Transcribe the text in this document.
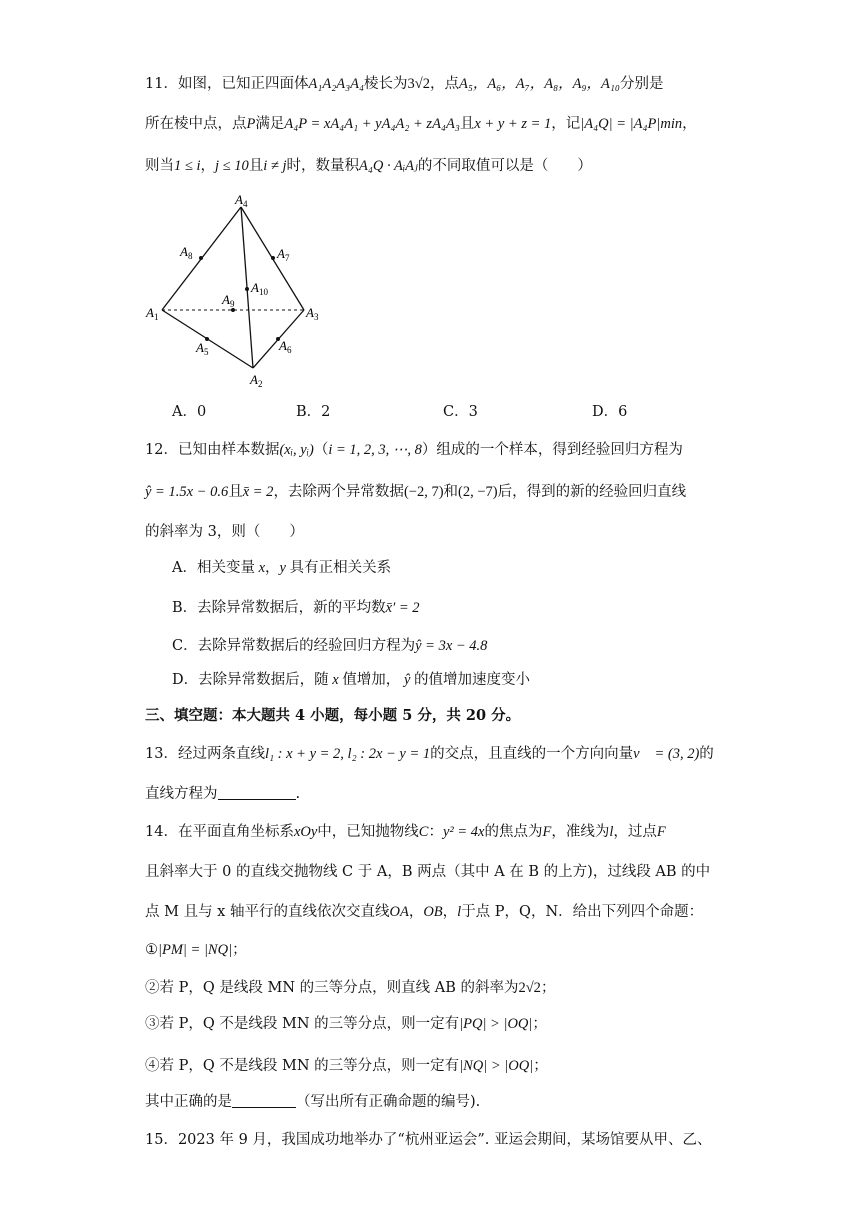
11．如图，已知正四面体A₁A₂A₃A₄棱长为3√2，点A₅，A₆，A₇，A₈，A₉，A₁₀分别是
所在棱中点，点P满足A₄P = xA₄A₁ + yA₄A₂ + zA₄A₃且x + y + z = 1，记|A₄Q| = |A₄P|min，
则当1 ≤ i，j ≤ 10且i ≠ j时，数量积A₄Q · AᵢAⱼ的不同取值可以是（　　）
$A_4$
$A_8$	$A_7$
$A_{10}$
$A_9$
$A_1$	$A_3$
$A_5$	$A_6$
$A_2$
A．0	B．2	C．3	D．6
12．已知由样本数据(xᵢ, yᵢ)（i = 1, 2, 3, ⋯, 8）组成的一个样本，得到经验回归方程为
ŷ = 1.5x − 0.6且x̄ = 2，去除两个异常数据(−2, 7)和(2, −7)后，得到的新的经验回归直线
的斜率为 3，则（　　）
A．相关变量 x，y 具有正相关关系
B．去除异常数据后，新的平均数x̄′ = 2
C．去除异常数据后的经验回归方程为ŷ = 3x − 4.8
D．去除异常数据后，随 x 值增加， ŷ 的值增加速度变小
三、填空题：本大题共 4 小题，每小题 5 分，共 20 分。
13．经过两条直线l₁ : x + y = 2, l₂ : 2x − y = 1的交点，且直线的一个方向向量v⃗ = (3, 2)的
直线方程为	.
14．在平面直角坐标系xOy中，已知抛物线C：y² = 4x的焦点为F，准线为l，过点F
且斜率大于 0 的直线交抛物线 C 于 A，B 两点（其中 A 在 B 的上方)，过线段 AB 的中
点 M 且与 x 轴平行的直线依次交直线OA，OB，l于点 P，Q，N．给出下列四个命题：
①|PM| = |NQ|；
②若 P，Q 是线段 MN 的三等分点，则直线 AB 的斜率为2√2；
③若 P，Q 不是线段 MN 的三等分点，则一定有|PQ| > |OQ|；
④若 P，Q 不是线段 MN 的三等分点，则一定有|NQ| > |OQ|；
其中正确的是	（写出所有正确命题的编号).
15．2023 年 9 月，我国成功地举办了“杭州亚运会”. 亚运会期间，某场馆要从甲、乙、
